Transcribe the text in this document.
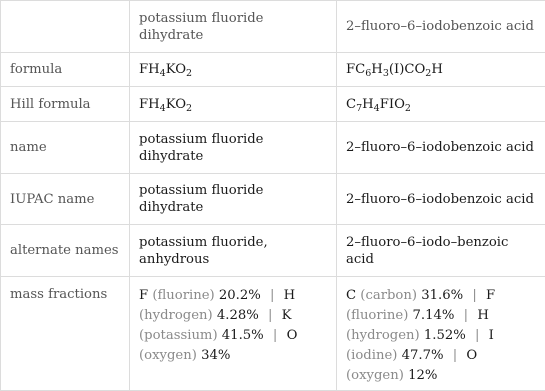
	potassium fluoride dihydrate	2–fluoro–6–iodobenzoic acid
formula	$FH_4KO_2$	$FC_6H_3(I)CO_2H$
Hill formula	$FH_4KO_2$	$C_7H_4FIO_2$
name	potassium fluoride dihydrate	2–fluoro–6–iodobenzoic acid
IUPAC name	potassium fluoride dihydrate	2–fluoro–6–iodobenzoic acid
alternate names	potassium fluoride, anhydrous	2–fluoro–6–iodo–benzoic acid
mass fractions	F (fluorine) 20.2% | H (hydrogen) 4.28% | K (potassium) 41.5% | O (oxygen) 34%	C (carbon) 31.6% | F (fluorine) 7.14% | H (hydrogen) 1.52% | I (iodine) 47.7% | O (oxygen) 12%
